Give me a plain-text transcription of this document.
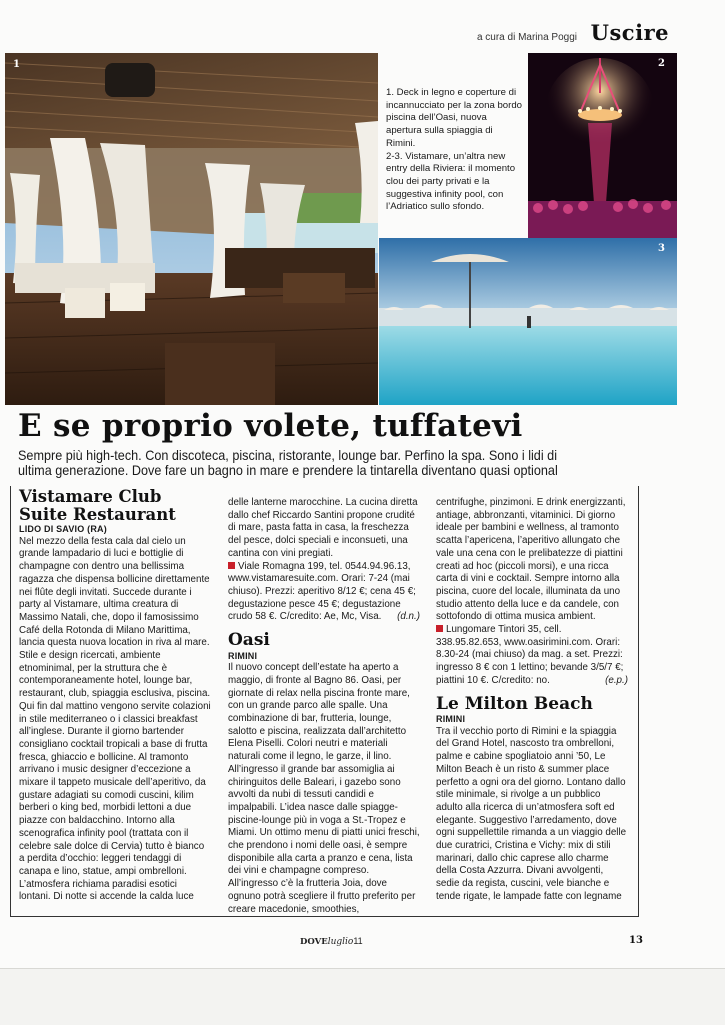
a cura di Marina Poggi Uscire
1

1. Deck in legno e coperture di incannucciato per la zona bordo piscina dell’Oasi, nuova apertura sulla spiaggia di Rimini.

2-3. Vistamare, un’altra new entry della Riviera: il momento clou dei party privati e la suggestiva infinity pool, con l’Adriatico sullo sfondo.

2
3
E se proprio volete, tuffatevi
Sempre più high-tech. Con discoteca, piscina, ristorante, lounge bar. Perfino la spa. Sono i lidi di ultima generazione. Dove fare un bagno in mare e prendere la tintarella diventano quasi optional
Vistamare Club Suite Restaurant

LIDO DI SAVIO (RA)

Nel mezzo della festa cala dal cielo un grande lampadario di luci e bottiglie di champagne con dentro una bellissima ragazza che dispensa bollicine direttamente nei flûte degli invitati. Succede durante i party al Vistamare, ultima creatura di Massimo Natali, che, dopo il famosissimo Café della Rotonda di Milano Marittima, lancia questa nuova location in riva al mare. Stile e design ricercati, ambiente etnominimal, per la struttura che è contemporaneamente hotel, lounge bar, restaurant, club, spiaggia esclusiva, piscina. Qui fin dal mattino vengono servite colazioni in stile mediterraneo o i classici breakfast all’inglese. Durante il giorno bartender consigliano cocktail tropicali a base di frutta fresca, ghiaccio e bollicine. Al tramonto arrivano i music designer d’eccezione a mixare il tappeto musicale dell’aperitivo, da gustare adagiati su comodi cuscini, kilim berberi o king bed, morbidi lettoni a due piazze con baldacchino. Intorno alla scenografica infinity pool (trattata con il celebre sale dolce di Cervia) tutto è bianco a perdita d’occhio: leggeri tendaggi di canapa e lino, statue, ampi ombrelloni. L’atmosfera richiama paradisi esotici lontani. Di notte si accende la calda luce

delle lanterne marocchine. La cucina diretta dallo chef Riccardo Santini propone crudité di mare, pasta fatta in casa, la freschezza del pesce, dolci speciali e inconsueti, una cantina con vini pregiati.

Viale Romagna 199, tel. 0544.94.96.13, www.vistamaresuite.com. Orari: 7-24 (mai chiuso). Prezzi: aperitivo 8/12 €; cena 45 €; degustazione pesce 45 €; degustazione crudo 58 €. C/credito: Ae, Mc, Visa. (d.n.)

Oasi

RIMINI

Il nuovo concept dell’estate ha aperto a maggio, di fronte al Bagno 86. Oasi, per giornate di relax nella piscina fronte mare, con un grande parco alle spalle. Una combinazione di bar, frutteria, lounge, salotto e piscina, realizzata dall’architetto Elena Piselli. Colori neutri e materiali naturali come il legno, le garze, il lino. All’ingresso il grande bar assomiglia ai chiringuitos delle Baleari, i gazebo sono avvolti da nubi di tessuti candidi e impalpabili. L’idea nasce dalle spiagge-piscine-lounge più in voga a St.-Tropez e Miami. Un ottimo menu di piatti unici freschi, che prendono i nomi delle oasi, è sempre disponibile alla carta a pranzo e cena, lista dei vini e champagne compreso. All’ingresso c’è la frutteria Joia, dove ognuno potrà scegliere il frutto preferito per creare macedonie, smoothies,

centrifughe, pinzimoni. E drink energizzanti, antiage, abbronzanti, vitaminici. Di giorno ideale per bambini e wellness, al tramonto scatta l’apericena, l’aperitivo allungato che vale una cena con le prelibatezze di piattini creati ad hoc (piccoli morsi), e una ricca carta di vini e cocktail. Sempre intorno alla piscina, cuore del locale, illuminata da uno studio attento della luce e da candele, con sottofondo di ottima musica ambient.

Lungomare Tintori 35, cell. 338.95.82.653, www.oasirimini.com. Orari: 8.30-24 (mai chiuso) da mag. a set. Prezzi: ingresso 8 € con 1 lettino; bevande 3/5/7 €; piattini 10 €. C/credito: no.	(e.p.)

Le Milton Beach

RIMINI

Tra il vecchio porto di Rimini e la spiaggia del Grand Hotel, nascosto tra ombrelloni, palme e cabine spogliatoio anni ’50, Le Milton Beach è un risto & summer place perfetto a ogni ora del giorno. Lontano dallo stile minimale, si rivolge a un pubblico adulto alla ricerca di un’atmosfera soft ed elegante. Suggestivo l’arredamento, dove ogni suppellettile rimanda a un viaggio delle due curatrici, Cristina e Vichy: mix di stili marinari, dallo chic caprese allo charme della Costa Azzurra. Divani avvolgenti, sedie da regista, cuscini, vele bianche e tende rigate, le lampade fatte con legname

DOVEluglio11	13
